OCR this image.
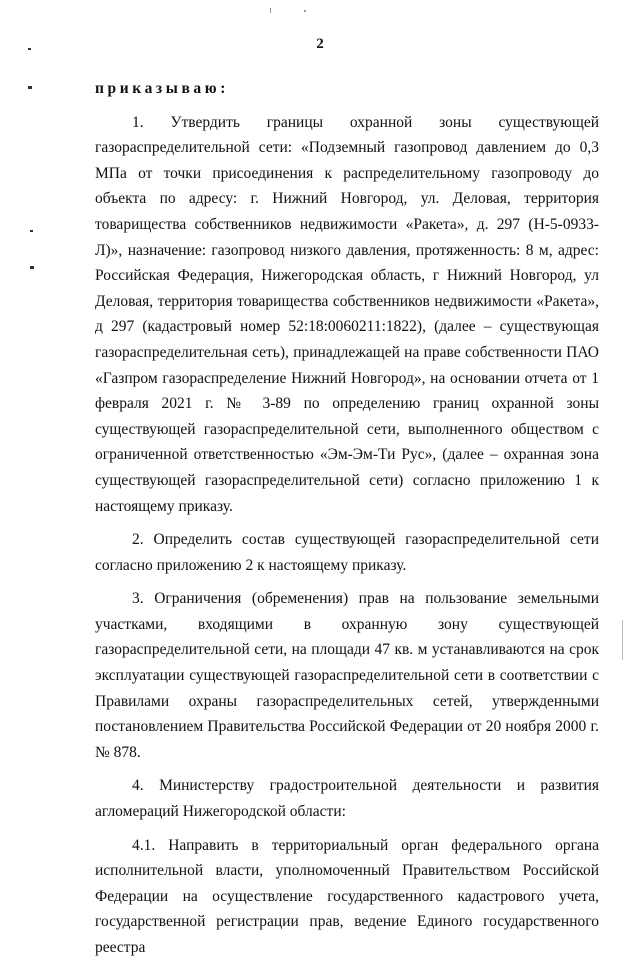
2

приказываю:

1. Утвердить границы охранной зоны существующей газораспределительной сети: «Подземный газопровод давлением до 0,3 МПа от точки присоединения к распределительному газопроводу до объекта по адресу: г. Нижний Новгород, ул. Деловая, территория товарищества собственников недвижимости «Ракета», д. 297 (Н-5-0933-Л)», назначение: газопровод низкого давления, протяженность: 8 м, адрес: Российская Федерация, Нижегородская область, г Нижний Новгород, ул Деловая, территория товарищества собственников недвижимости «Ракета», д 297 (кадастровый номер 52:18:0060211:1822), (далее – существующая газораспределительная сеть), принадлежащей на праве собственности ПАО «Газпром газораспределение Нижний Новгород», на основании отчета от 1 февраля 2021 г. № 3-89 по определению границ охранной зоны существующей газораспределительной сети, выполненного обществом с ограниченной ответственностью «Эм-Эм-Ти Рус», (далее – охранная зона существующей газораспределительной сети) согласно приложению 1 к настоящему приказу.

2. Определить состав существующей газораспределительной сети согласно приложению 2 к настоящему приказу.

3. Ограничения (обременения) прав на пользование земельными участками, входящими в охранную зону существующей газораспределительной сети, на площади 47 кв. м устанавливаются на срок эксплуатации существующей газораспределительной сети в соответствии с Правилами охраны газораспределительных сетей, утвержденными постановлением Правительства Российской Федерации от 20 ноября 2000 г. № 878.

4. Министерству градостроительной деятельности и развития агломераций Нижегородской области:

4.1. Направить в территориальный орган федерального органа исполнительной власти, уполномоченный Правительством Российской Федерации на осуществление государственного кадастрового учета, государственной регистрации прав, ведение Единого государственного реестра
